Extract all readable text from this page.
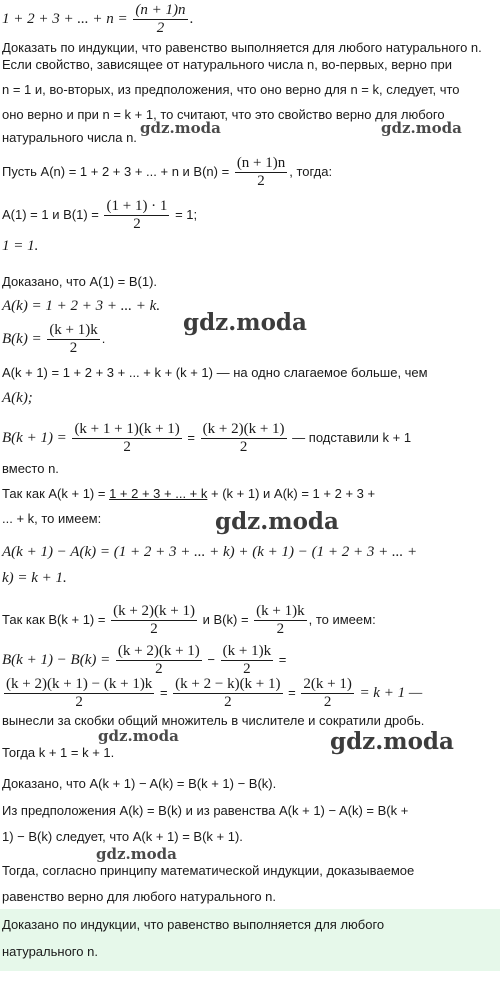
1 + 2 + 3 + ... + $n = \frac{(n + 1)n}{2}$ .
Доказать по индукции, что равенство выполняется для любого натурального n.
Если свойство, зависящее от натурального числа n, во-первых, верно при
n = 1 и, во-вторых, из предположения, что оно верно для n = k, следует, что
оно верно и при n = k + 1, то считают, что это свойство верно для любого
натурального числа n.
gdz.moda	gdz.moda
Пусть A(n) = 1 + 2 + 3 + ... + n и $B(n) = \frac{(n + 1)n}{2}$ , тогда:
A(1) = 1 и $B(1) = \frac{(1 + 1) \cdot 1}{2} = 1$;
1 = 1.
Доказано, что A(1) = B(1).
A(k) = 1 + 2 + 3 + ... + k.
gdz.moda
$B(k) = \frac{(k + 1)k}{2}$ .
A(k + 1) = 1 + 2 + 3 + ... + k + (k + 1) — на одно слагаемое больше, чем
A(k);
$B(k + 1) = \frac{(k + 1 + 1)(k + 1)}{2} = \frac{(k + 2)(k + 1)}{2}$ — подставили k + 1
вместо n.
Так как A(k + 1) = 1 + 2 + 3 + ... + k + (k + 1) и A(k) = 1 + 2 + 3 +
... + k, то имеем:	gdz.moda
A(k + 1) − A(k) = (1 + 2 + 3 + ... + k) + (k + 1) − (1 + 2 + 3 + ... +
k) = k + 1.
Так как $B(k + 1) = \frac{(k + 2)(k + 1)}{2}$ и $B(k) = \frac{(k + 1)k}{2}$ , то имеем:
$B(k + 1) - B(k) = \frac{(k + 2)(k + 1)}{2} - \frac{(k + 1)k}{2}$ =
$\frac{(k + 2)(k + 1) - (k + 1)k}{2} = \frac{(k + 2 - k)(k + 1)}{2} = \frac{2(k + 1)}{2} = k + 1$ —
вынесли за скобки общий множитель в числителе и сократили дробь.
gdz.moda	gdz.moda
Тогда k + 1 = k + 1.
Доказано, что A(k + 1) − A(k) = B(k + 1) − B(k).
Из предположения A(k) = B(k) и из равенства A(k + 1) − A(k) = B(k +
1) − B(k) следует, что A(k + 1) = B(k + 1).
gdz.moda
Тогда, согласно принципу математической индукции, доказываемое
равенство верно для любого натурального n.
Доказано по индукции, что равенство выполняется для любого
натурального n.
